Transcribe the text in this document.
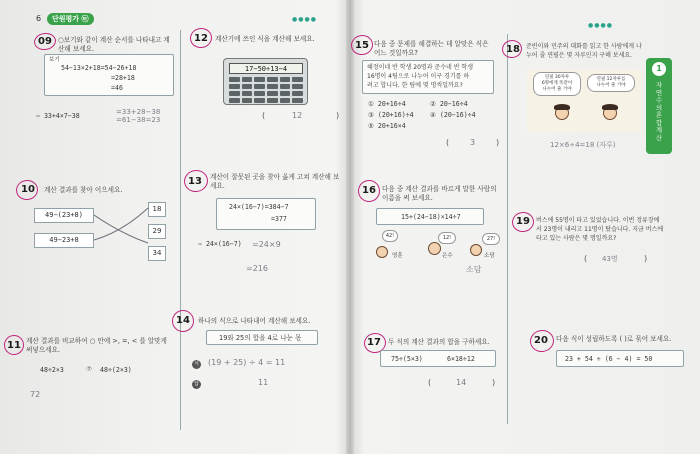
6	단원평가 ㉫	●●●●
●●●●
09 ○보기와 같이 계산 순서를 나타내고 계산해 보세요.
보기
54−13×2+18=54−26+18
=28+18
=46
⇨ 33+4×7−38	=33+28−38
=61−38=23
10 계산 결과를 찾아 이으세요.
49−(23+8)
49−23+8
18
29
34
11 계산 결과를 비교하여 ○ 안에 >, =, < 를 알맞게 써넣으세요.
48÷2×3	⑦ 48÷(2×3)
72
12 계산기에 쓰인 식을 계산해 보세요.
17−50÷13−4
(	12	)
13 계산이 잘못된 곳을 찾아 옳게 고쳐 계산해 보세요.
24×(16−7)=384−7
=377
⇨ 24×(16−7) =24×9
=216
14 하나의 식으로 나타내어 계산해 보세요.
19와 25의 합을 4로 나눈 몫
식 (19 + 25) ÷ 4 = 11
답	11
15 다음 중 문제를 해결하는 데 알맞은 식은 어느 것일까요?
혜정이네 반 학생 20명과 준수네 반 학생
16명이 4팀으로 나누어 이구 경기를 하
려고 합니다. 한 팀에 몇 명씩일까요?
① 20+16÷4	② 20−16÷4
③ (20+16)÷4 ④ (20−16)÷4
⑤ 20+16×4
(	3	)
16 다음 중 계산 결과를 바르게 말한 사람의 이름을 써 보세요.
15+(24−18)×14÷7
42!	12!	27!
영훈	은수	소담
소담
17 두 식의 계산 결과의 합을 구하세요.
75÷(5×3)	6×18÷12
(	14	)
18 준빈이와 민주의 대화를 읽고 한 사람에게 나누어 줄 연필은 몇 자루인지 구해 보세요.
연필 30자루
6명에게 똑같이
나누어 줄 거야
연필 12자루를
나누어 줄 거야
12×6÷4=18 (자루)
1
자연수의 혼합 계산
19 버스에 55명이 타고 있었습니다. 이번 정류장에서 23명이 내리고 11명이 탔습니다. 지금 버스에 타고 있는 사람은 몇 명일까요?
( 43명	)
20 다음 식이 성립하도록 ( )로 묶어 보세요.
23 + 54 ÷ (6 − 4) = 50
